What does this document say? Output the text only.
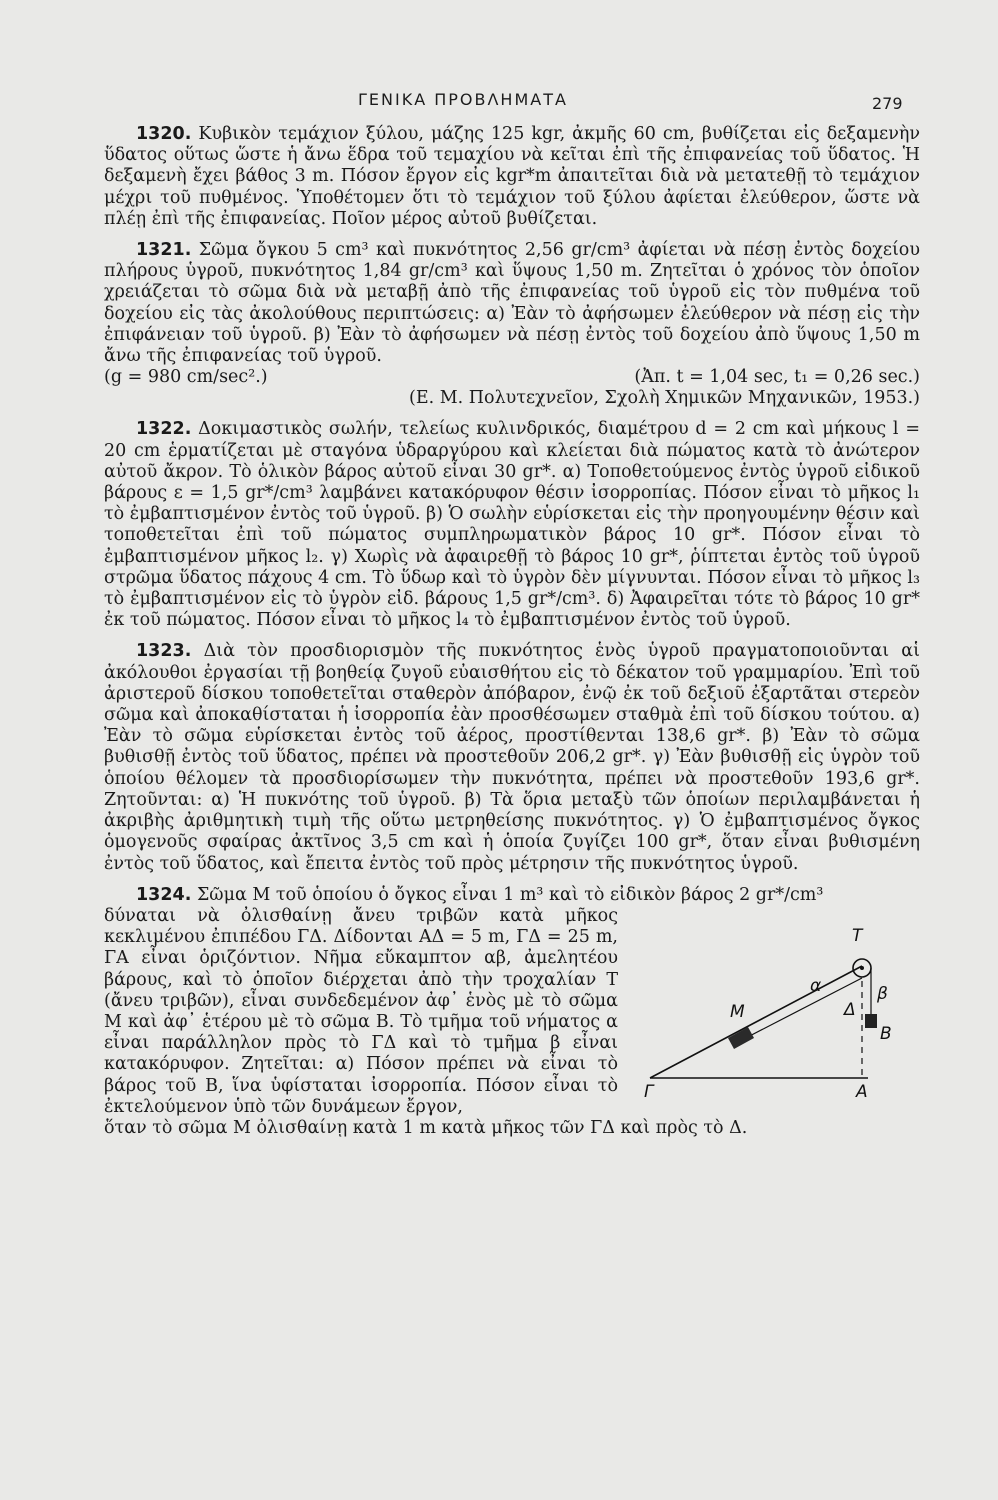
ΓΕΝΙΚΑ ΠΡΟΒΛΗΜΑΤΑ	279

1320. Κυβικὸν τεμάχιον ξύλου, μάζης 125 kgr, ἀκμῆς 60 cm, βυθίζεται εἰς δεξαμενὴν ὕδατος οὕτως ὥστε ἡ ἄνω ἕδρα τοῦ τεμαχίου νὰ κεῖται ἐπὶ τῆς ἐπιφανείας τοῦ ὕδατος. Ἡ δεξαμενὴ ἔχει βάθος 3 m. Πόσον ἔργον εἰς kgr*m ἀπαιτεῖται διὰ νὰ μετατεθῇ τὸ τεμάχιον μέχρι τοῦ πυθμένος. Ὑποθέτομεν ὅτι τὸ τεμάχιον τοῦ ξύλου ἀφίεται ἐλεύθερον, ὥστε νὰ πλέῃ ἐπὶ τῆς ἐπιφανείας. Ποῖον μέρος αὐτοῦ βυθίζεται.

1321. Σῶμα ὄγκου 5 cm³ καὶ πυκνότητος 2,56 gr/cm³ ἀφίεται νὰ πέσῃ ἐντὸς δοχείου πλήρους ὑγροῦ, πυκνότητος 1,84 gr/cm³ καὶ ὕψους 1,50 m. Ζητεῖται ὁ χρόνος τὸν ὁποῖον χρειάζεται τὸ σῶμα διὰ νὰ μεταβῇ ἀπὸ τῆς ἐπιφανείας τοῦ ὑγροῦ εἰς τὸν πυθμένα τοῦ δοχείου εἰς τὰς ἀκολούθους περιπτώσεις: α) Ἐὰν τὸ ἀφήσωμεν ἐλεύθερον νὰ πέσῃ εἰς τὴν ἐπιφάνειαν τοῦ ὑγροῦ. β) Ἐὰν τὸ ἀφήσωμεν νὰ πέσῃ ἐντὸς τοῦ δοχείου ἀπὸ ὕψους 1,50 m ἄνω τῆς ἐπιφανείας τοῦ ὑγροῦ.

(g = 980 cm/sec².)	(Ἀπ. t = 1,04 sec, t₁ = 0,26 sec.)
(Ε. Μ. Πολυτεχνεῖον, Σχολὴ Χημικῶν Μηχανικῶν, 1953.)

1322. Δοκιμαστικὸς σωλήν, τελείως κυλινδρικός, διαμέτρου d = 2 cm καὶ μήκους l = 20 cm ἑρματίζεται μὲ σταγόνα ὑδραργύρου καὶ κλείεται διὰ πώματος κατὰ τὸ ἀνώτερον αὐτοῦ ἄκρον. Τὸ ὁλικὸν βάρος αὐτοῦ εἶναι 30 gr*. α) Τοποθετούμενος ἐντὸς ὑγροῦ εἰδικοῦ βάρους ε = 1,5 gr*/cm³ λαμβάνει κατακόρυφον θέσιν ἰσορροπίας. Πόσον εἶναι τὸ μῆκος l₁ τὸ ἐμβαπτισμένον ἐντὸς τοῦ ὑγροῦ. β) Ὁ σωλὴν εὑρίσκεται εἰς τὴν προηγουμένην θέσιν καὶ τοποθετεῖται ἐπὶ τοῦ πώματος συμπληρωματικὸν βάρος 10 gr*. Πόσον εἶναι τὸ ἐμβαπτισμένον μῆκος l₂. γ) Χωρὶς νὰ ἀφαιρεθῇ τὸ βάρος 10 gr*, ῥίπτεται ἐντὸς τοῦ ὑγροῦ στρῶμα ὕδατος πάχους 4 cm. Τὸ ὕδωρ καὶ τὸ ὑγρὸν δὲν μίγνυνται. Πόσον εἶναι τὸ μῆκος l₃ τὸ ἐμβαπτισμένον εἰς τὸ ὑγρὸν εἰδ. βάρους 1,5 gr*/cm³. δ) Ἀφαιρεῖται τότε τὸ βάρος 10 gr* ἐκ τοῦ πώματος. Πόσον εἶναι τὸ μῆκος l₄ τὸ ἐμβαπτισμένον ἐντὸς τοῦ ὑγροῦ.

1323. Διὰ τὸν προσδιορισμὸν τῆς πυκνότητος ἑνὸς ὑγροῦ πραγματοποιοῦνται αἱ ἀκόλουθοι ἐργασίαι τῇ βοηθείᾳ ζυγοῦ εὐαισθήτου εἰς τὸ δέκατον τοῦ γραμμαρίου. Ἐπὶ τοῦ ἀριστεροῦ δίσκου τοποθετεῖται σταθερὸν ἀπόβαρον, ἐνῷ ἐκ τοῦ δεξιοῦ ἐξαρτᾶται στερεὸν σῶμα καὶ ἀποκαθίσταται ἡ ἰσορροπία ἐὰν προσθέσωμεν σταθμὰ ἐπὶ τοῦ δίσκου τούτου. α) Ἐὰν τὸ σῶμα εὑρίσκεται ἐντὸς τοῦ ἀέρος, προστίθενται 138,6 gr*. β) Ἐὰν τὸ σῶμα βυθισθῇ ἐντὸς τοῦ ὕδατος, πρέπει νὰ προστεθοῦν 206,2 gr*. γ) Ἐὰν βυθισθῇ εἰς ὑγρὸν τοῦ ὁποίου θέλομεν τὰ προσδιορίσωμεν τὴν πυκνότητα, πρέπει νὰ προστεθοῦν 193,6 gr*. Ζητοῦνται: α) Ἡ πυκνότης τοῦ ὑγροῦ. β) Τὰ ὅρια μεταξὺ τῶν ὁποίων περιλαμβάνεται ἡ ἀκριβὴς ἀριθμητικὴ τιμὴ τῆς οὕτω μετρηθείσης πυκνότητος. γ) Ὁ ἐμβαπτισμένος ὄγκος ὁμογενοῦς σφαίρας ἀκτῖνος 3,5 cm καὶ ἡ ὁποία ζυγίζει 100 gr*, ὅταν εἶναι βυθισμένη ἐντὸς τοῦ ὕδατος, καὶ ἔπειτα ἐντὸς τοῦ πρὸς μέτρησιν τῆς πυκνότητος ὑγροῦ.

1324. Σῶμα Μ τοῦ ὁποίου ὁ ὄγκος εἶναι 1 m³ καὶ τὸ εἰδικὸν βάρος 2 gr*/cm³

T
M
α	β
Δ
B
Γ	A
δύναται νὰ ὀλισθαίνῃ ἄνευ τριβῶν κατὰ μῆκος κεκλιμένου ἐπιπέδου ΓΔ. Δίδονται ΑΔ = 5 m, ΓΔ = 25 m, ΓΑ εἶναι ὁριζόντιον. Νῆμα εὔκαμπτον αβ, ἀμελητέου βάρους, καὶ τὸ ὁποῖον διέρχεται ἀπὸ τὴν τροχαλίαν Τ (ἄνευ τριβῶν), εἶναι συνδεδεμένον ἀφ᾽ ἑνὸς μὲ τὸ σῶμα Μ καὶ ἀφ᾽ ἑτέρου μὲ τὸ σῶμα Β. Τὸ τμῆμα τοῦ νήματος α εἶναι παράλληλον πρὸς τὸ ΓΔ καὶ τὸ τμῆμα β εἶναι κατακόρυφον. Ζητεῖται: α) Πόσον πρέπει νὰ εἶναι τὸ βάρος τοῦ Β, ἵνα ὑφίσταται ἰσορροπία. Πόσον εἶναι τὸ ἐκτελούμενον ὑπὸ τῶν δυνάμεων ἔργον,
ὅταν τὸ σῶμα Μ ὀλισθαίνῃ κατὰ 1 m κατὰ μῆκος τῶν ΓΔ καὶ πρὸς τὸ Δ.
